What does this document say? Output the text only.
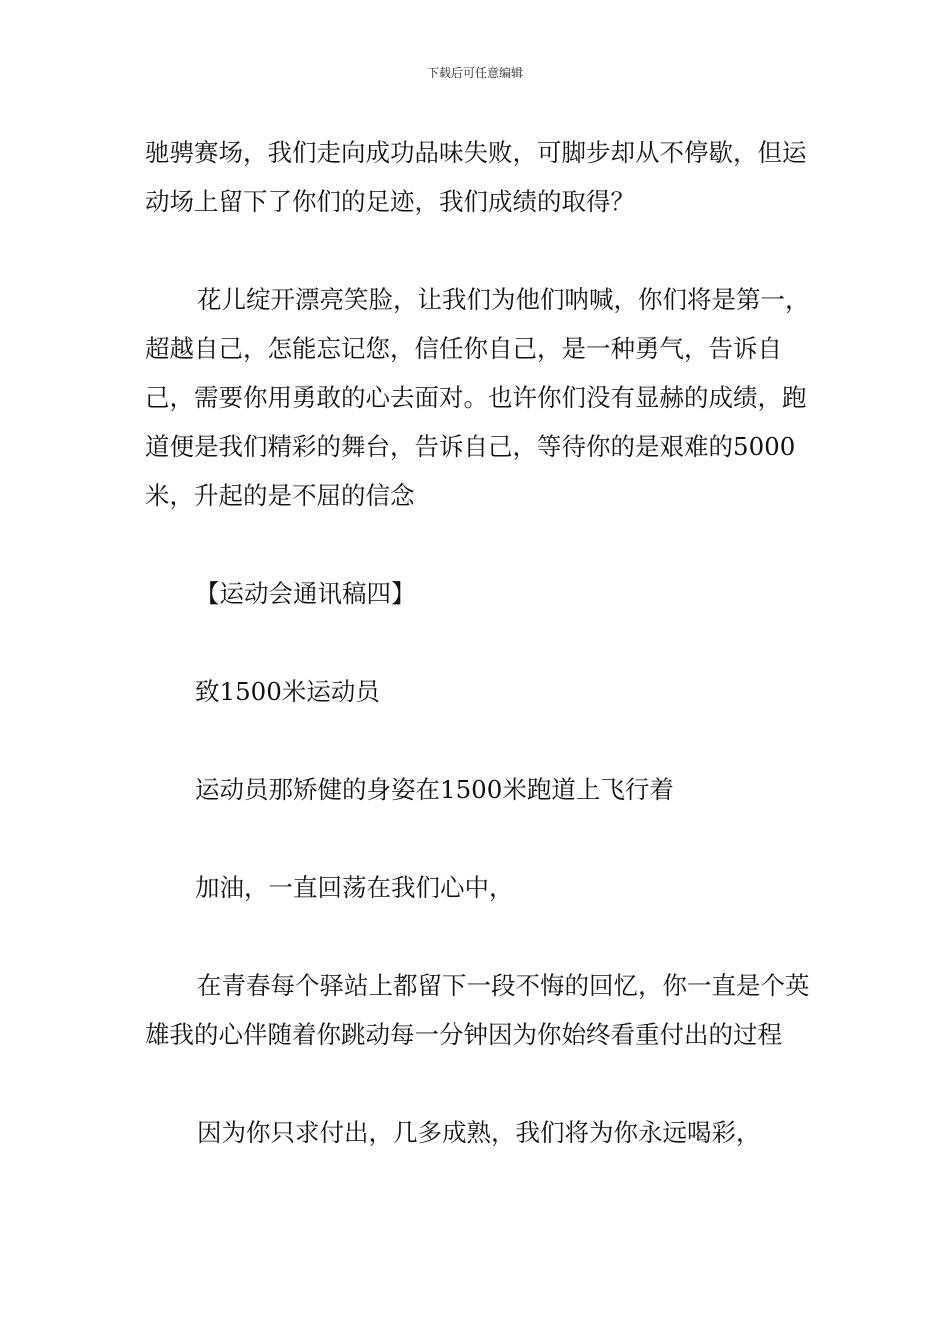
下载后可任意编辑

驰骋赛场，我们走向成功品味失败，可脚步却从不停歇，但运动场上留下了你们的足迹，我们成绩的取得？

花儿绽开漂亮笑脸，让我们为他们呐喊，你们将是第一，超越自己，怎能忘记您，信任你自己，是一种勇气，告诉自己，需要你用勇敢的心去面对。也许你们没有显赫的成绩，跑道便是我们精彩的舞台，告诉自己，等待你的是艰难的5000米，升起的是不屈的信念

【运动会通讯稿四】

致1500米运动员

运动员那矫健的身姿在1500米跑道上飞行着

加油，一直回荡在我们心中，

在青春每个驿站上都留下一段不悔的回忆，你一直是个英雄我的心伴随着你跳动每一分钟因为你始终看重付出的过程

因为你只求付出，几多成熟，我们将为你永远喝彩，
